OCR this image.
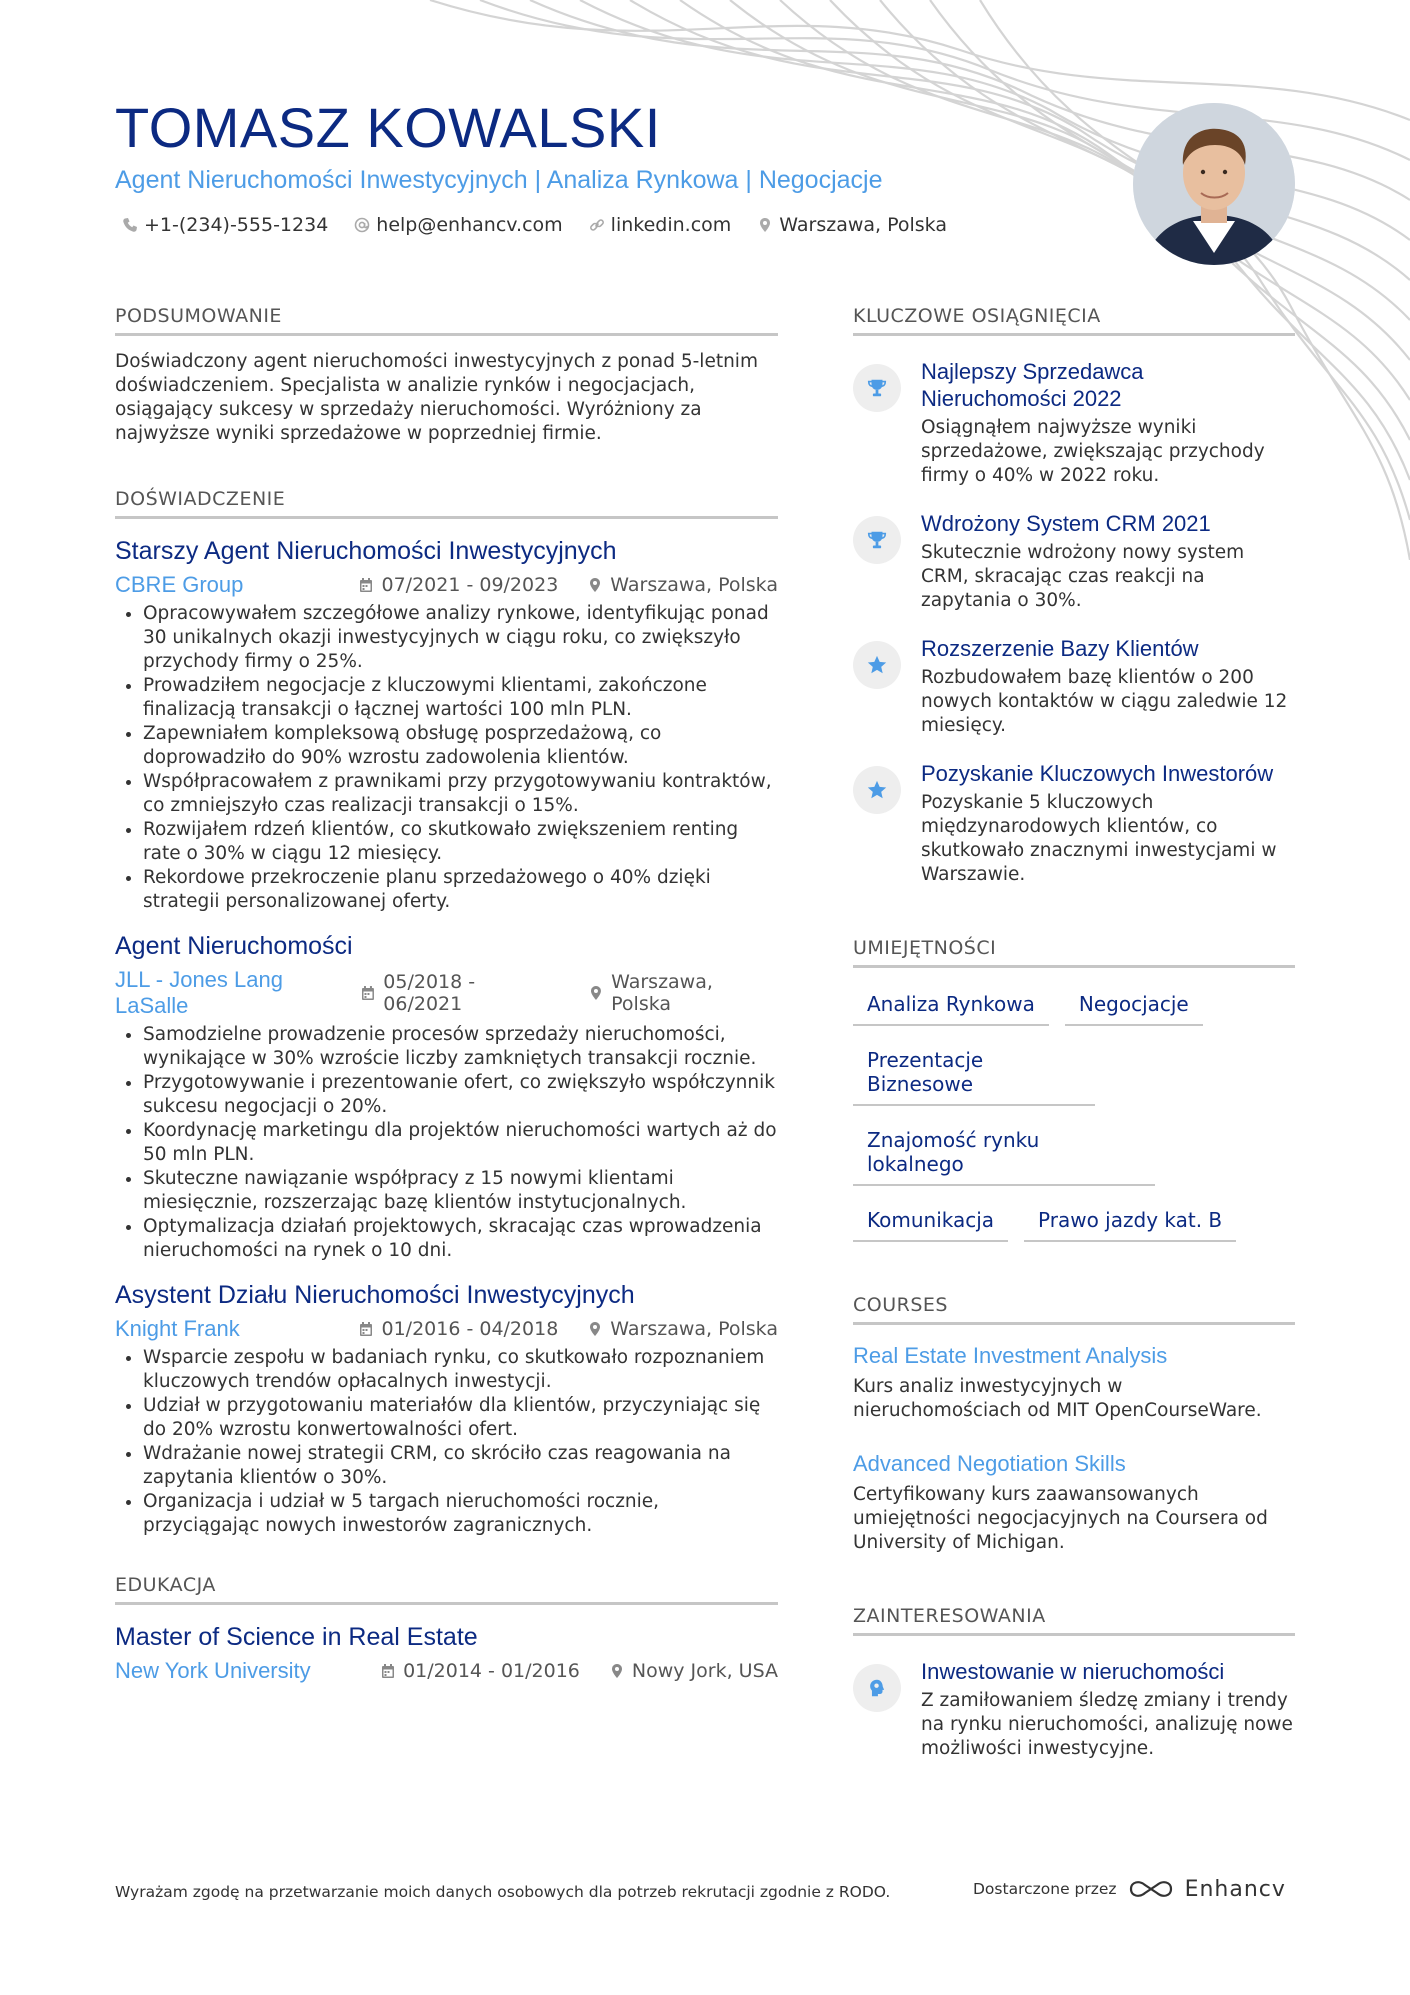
TOMASZ KOWALSKI
Agent Nieruchomości Inwestycyjnych | Analiza Rynkowa | Negocjacje
+1-(234)-555-1234	help@enhancv.com	linkedin.com	Warszawa, Polska
PODSUMOWANIE

Doświadczony agent nieruchomości inwestycyjnych z ponad 5-letnim doświadczeniem. Specjalista w analizie rynków i negocjacjach, osiągający sukcesy w sprzedaży nieruchomości. Wyróżniony za najwyższe wyniki sprzedażowe w poprzedniej firmie.

DOŚWIADCZENIE
Starszy Agent Nieruchomości Inwestycyjnych
CBRE Group	07/2021 - 09/2023	Warszawa, Polska
• Opracowywałem szczegółowe analizy rynkowe, identyfikując ponad 30 unikalnych okazji inwestycyjnych w ciągu roku, co zwiększyło przychody firmy o 25%.
• Prowadziłem negocjacje z kluczowymi klientami, zakończone finalizacją transakcji o łącznej wartości 100 mln PLN.
• Zapewniałem kompleksową obsługę posprzedażową, co doprowadziło do 90% wzrostu zadowolenia klientów.
• Współpracowałem z prawnikami przy przygotowywaniu kontraktów, co zmniejszyło czas realizacji transakcji o 15%.
• Rozwijałem rdzeń klientów, co skutkowało zwiększeniem renting rate o 30% w ciągu 12 miesięcy.
• Rekordowe przekroczenie planu sprzedażowego o 40% dzięki strategii personalizowanej oferty.
Agent Nieruchomości
JLL - Jones Lang LaSalle
05/2018 - 06/2021
Warszawa, Polska
• Samodzielne prowadzenie procesów sprzedaży nieruchomości, wynikające w 30% wzroście liczby zamkniętych transakcji rocznie.
• Przygotowywanie i prezentowanie ofert, co zwiększyło współczynnik sukcesu negocjacji o 20%.
• Koordynację marketingu dla projektów nieruchomości wartych aż do 50 mln PLN.
• Skuteczne nawiązanie współpracy z 15 nowymi klientami miesięcznie, rozszerzając bazę klientów instytucjonalnych.
• Optymalizacja działań projektowych, skracając czas wprowadzenia nieruchomości na rynek o 10 dni.
Asystent Działu Nieruchomości Inwestycyjnych
Knight Frank	01/2016 - 04/2018	Warszawa, Polska
• Wsparcie zespołu w badaniach rynku, co skutkowało rozpoznaniem kluczowych trendów opłacalnych inwestycji.
• Udział w przygotowaniu materiałów dla klientów, przyczyniając się do 20% wzrostu konwertowalności ofert.
• Wdrażanie nowej strategii CRM, co skróciło czas reagowania na zapytania klientów o 30%.
• Organizacja i udział w 5 targach nieruchomości rocznie, przyciągając nowych inwestorów zagranicznych.
EDUKACJA
Master of Science in Real Estate
New York University	01/2014 - 01/2016	Nowy Jork, USA
KLUCZOWE OSIĄGNIĘCIA
Najlepszy Sprzedawca Nieruchomości 2022
Osiągnąłem najwyższe wyniki sprzedażowe, zwiększając przychody firmy o 40% w 2022 roku.
Wdrożony System CRM 2021
Skutecznie wdrożony nowy system CRM, skracając czas reakcji na zapytania o 30%.
Rozszerzenie Bazy Klientów
Rozbudowałem bazę klientów o 200 nowych kontaktów w ciągu zaledwie 12 miesięcy.
Pozyskanie Kluczowych Inwestorów
Pozyskanie 5 kluczowych międzynarodowych klientów, co skutkowało znacznymi inwestycjami w Warszawie.
UMIEJĘTNOŚCI
Analiza Rynkowa	Negocjacje
Prezentacje Biznesowe
Znajomość rynku lokalnego
Komunikacja	Prawo jazdy kat. B
COURSES
Real Estate Investment Analysis
Kurs analiz inwestycyjnych w nieruchomościach od MIT OpenCourseWare.
Advanced Negotiation Skills
Certyfikowany kurs zaawansowanych umiejętności negocjacyjnych na Coursera od University of Michigan.
ZAINTERESOWANIA
Inwestowanie w nieruchomości
Z zamiłowaniem śledzę zmiany i trendy na rynku nieruchomości, analizuję nowe możliwości inwestycyjne.
Wyrażam zgodę na przetwarzanie moich danych osobowych dla potrzeb rekrutacji zgodnie z RODO.	Dostarczone przez	Enhancv
